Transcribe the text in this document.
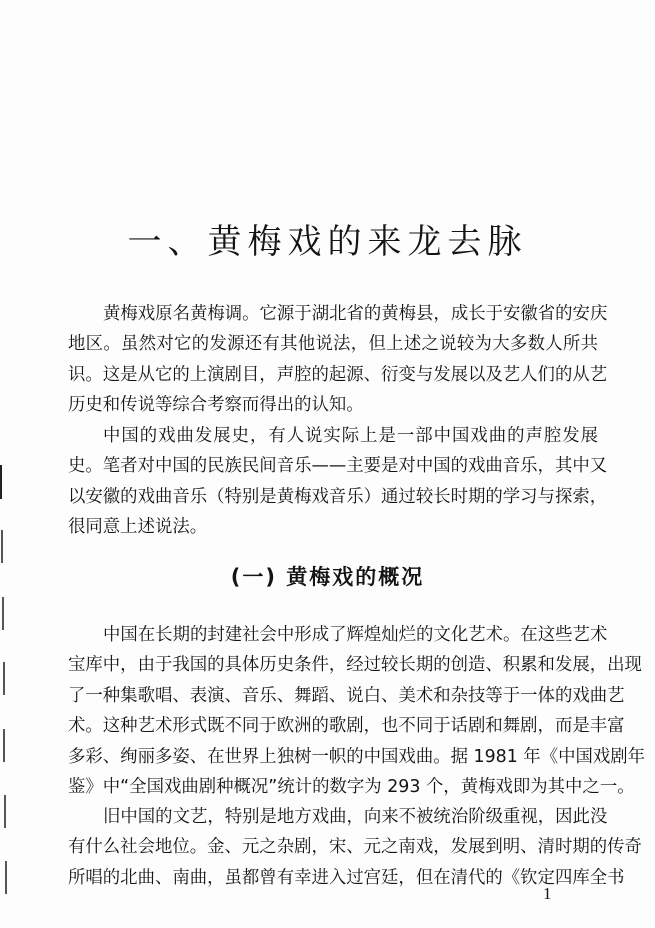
一、黄梅戏的来龙去脉
黄梅戏原名黄梅调。它源于湖北省的黄梅县，成长于安徽省的安庆
地区。虽然对它的发源还有其他说法，但上述之说较为大多数人所共
识。这是从它的上演剧目，声腔的起源、衍变与发展以及艺人们的从艺
历史和传说等综合考察而得出的认知。
中国的戏曲发展史，有人说实际上是一部中国戏曲的声腔发展
史。笔者对中国的民族民间音乐——主要是对中国的戏曲音乐，其中又
以安徽的戏曲音乐（特别是黄梅戏音乐）通过较长时期的学习与探索，
很同意上述说法。
(一) 黄梅戏的概况
中国在长期的封建社会中形成了辉煌灿烂的文化艺术。在这些艺术
宝库中，由于我国的具体历史条件，经过较长期的创造、积累和发展，出现
了一种集歌唱、表演、音乐、舞蹈、说白、美术和杂技等于一体的戏曲艺
术。这种艺术形式既不同于欧洲的歌剧，也不同于话剧和舞剧，而是丰富
多彩、绚丽多姿、在世界上独树一帜的中国戏曲。据 1981 年《中国戏剧年
鉴》中“全国戏曲剧种概况”统计的数字为 293 个，黄梅戏即为其中之一。
旧中国的文艺，特别是地方戏曲，向来不被统治阶级重视，因此没
有什么社会地位。金、元之杂剧，宋、元之南戏，发展到明、清时期的传奇
所唱的北曲、南曲，虽都曾有幸进入过宫廷，但在清代的《钦定四库全书
1
